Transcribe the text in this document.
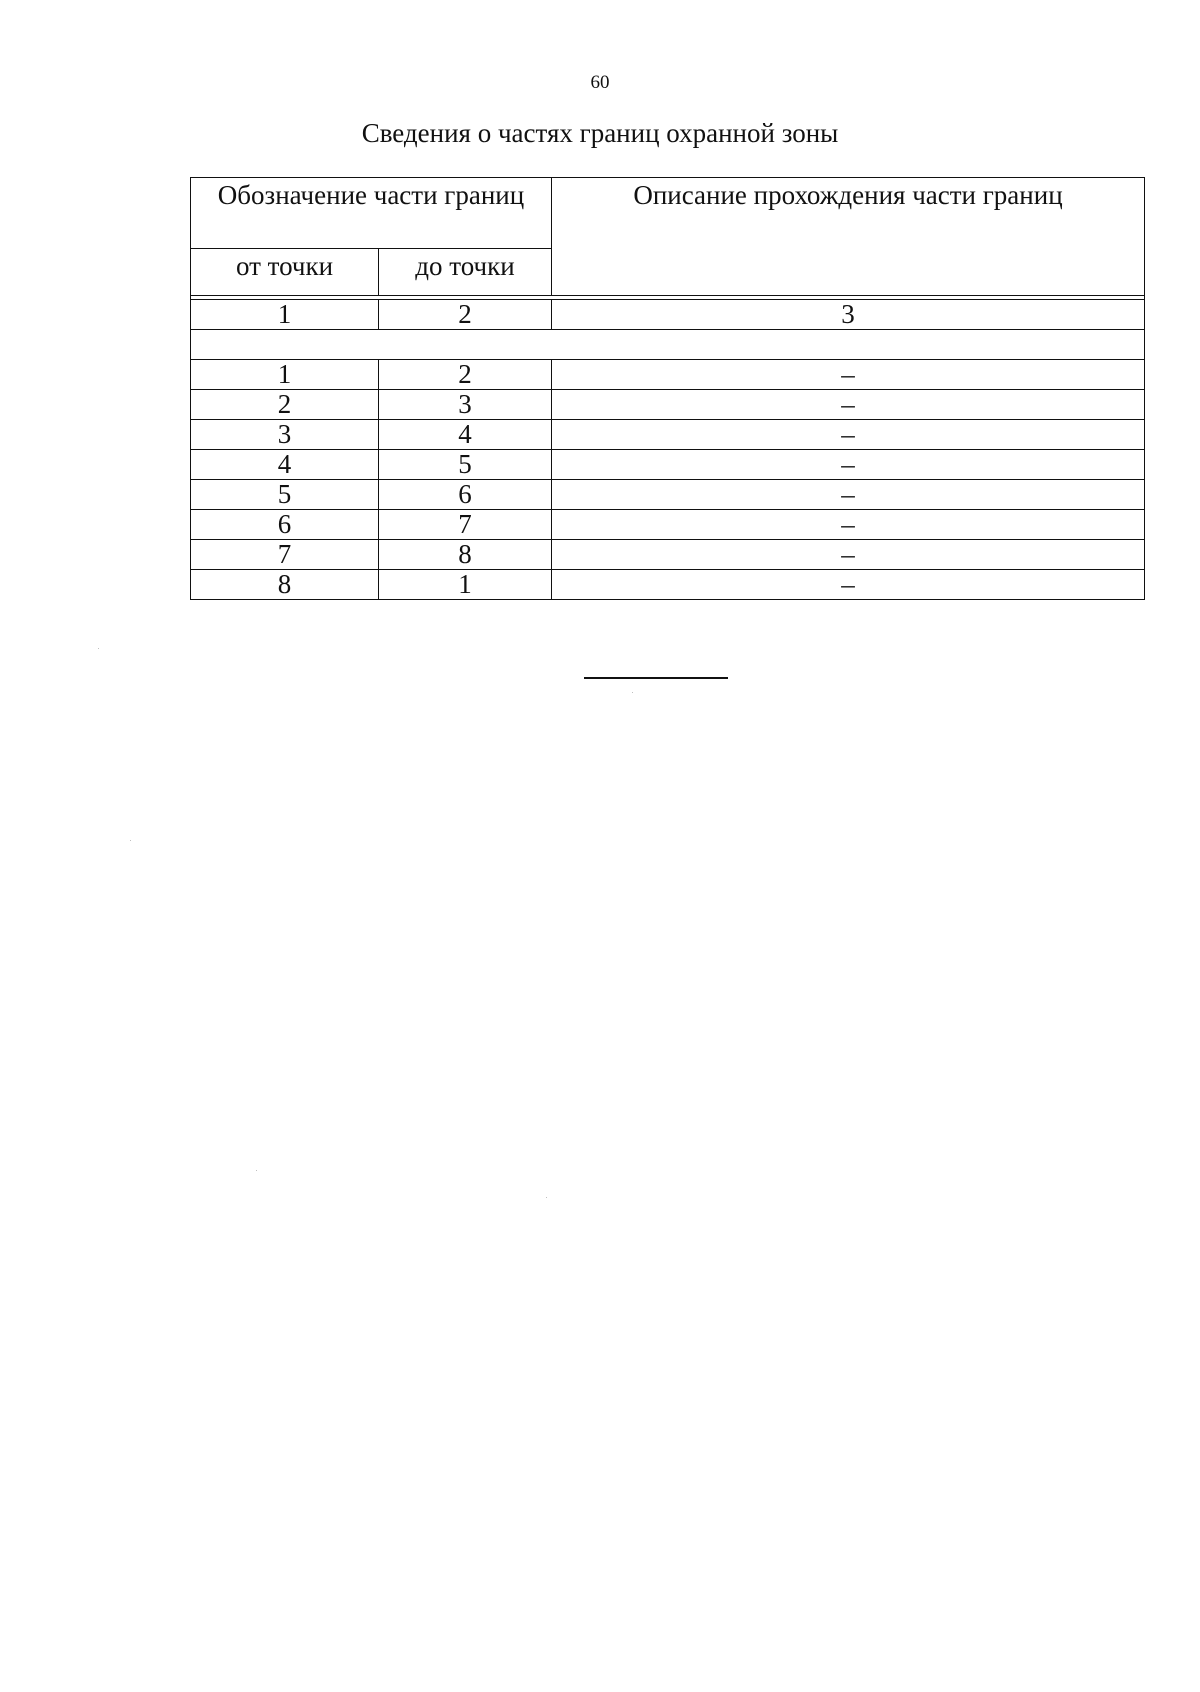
60
Сведения о частях границ охранной зоны
Обозначение части границ		Описание прохождения части границ
от точки	до точки	

1	2	3

1	2	–
2	3	–
3	4	–
4	5	–
5	6	–
6	7	–
7	8	–
8	1	–
